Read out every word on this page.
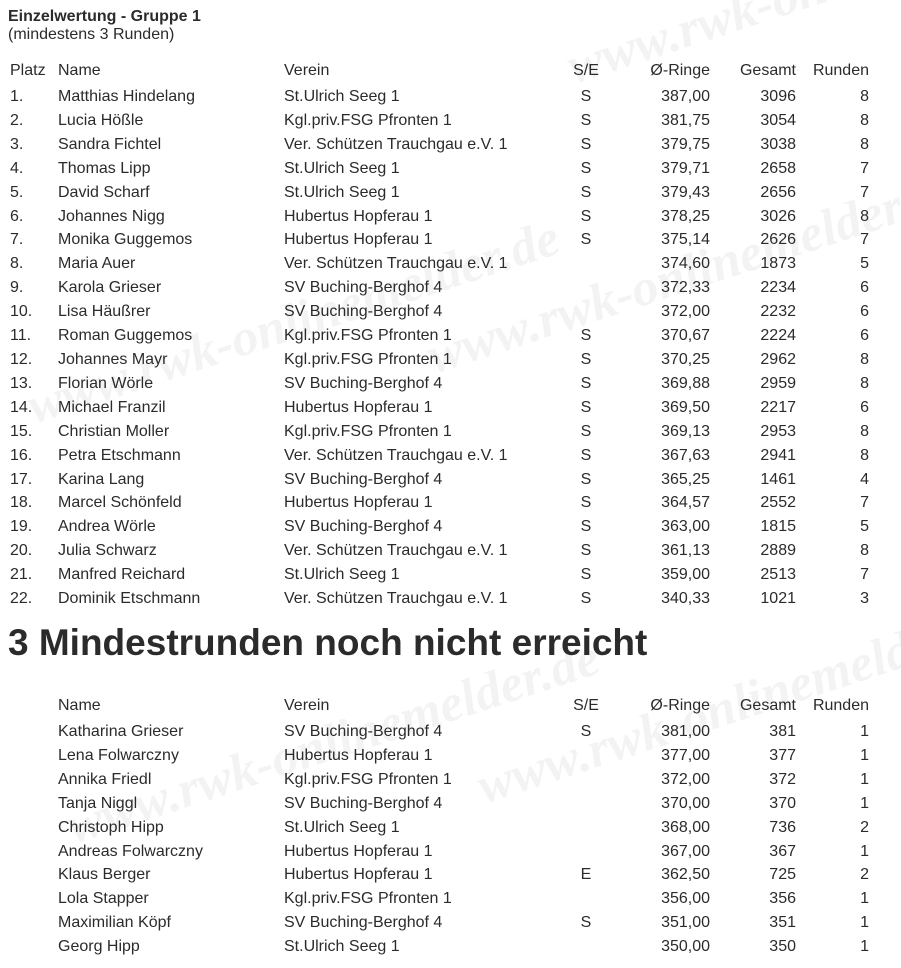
Einzelwertung - Gruppe 1
(mindestens 3 Runden)
Platz	Name	Verein	S/E	Ø-Ringe	Gesamt	Runden
1.	Matthias Hindelang	St.Ulrich Seeg 1	S	387,00	3096	8
2.	Lucia Hößle	Kgl.priv.FSG Pfronten 1	S	381,75	3054	8
3.	Sandra Fichtel	Ver. Schützen Trauchgau e.V. 1	S	379,75	3038	8
4.	Thomas Lipp	St.Ulrich Seeg 1	S	379,71	2658	7
5.	David Scharf	St.Ulrich Seeg 1	S	379,43	2656	7
6.	Johannes Nigg	Hubertus Hopferau 1	S	378,25	3026	8
7.	Monika Guggemos	Hubertus Hopferau 1	S	375,14	2626	7
8.	Maria Auer	Ver. Schützen Trauchgau e.V. 1		374,60	1873	5
9.	Karola Grieser	SV Buching-Berghof 4		372,33	2234	6
10.	Lisa Häußrer	SV Buching-Berghof 4		372,00	2232	6
11.	Roman Guggemos	Kgl.priv.FSG Pfronten 1	S	370,67	2224	6
12.	Johannes Mayr	Kgl.priv.FSG Pfronten 1	S	370,25	2962	8
13.	Florian Wörle	SV Buching-Berghof 4	S	369,88	2959	8
14.	Michael Franzil	Hubertus Hopferau 1	S	369,50	2217	6
15.	Christian Moller	Kgl.priv.FSG Pfronten 1	S	369,13	2953	8
16.	Petra Etschmann	Ver. Schützen Trauchgau e.V. 1	S	367,63	2941	8
17.	Karina Lang	SV Buching-Berghof 4	S	365,25	1461	4
18.	Marcel Schönfeld	Hubertus Hopferau 1	S	364,57	2552	7
19.	Andrea Wörle	SV Buching-Berghof 4	S	363,00	1815	5
20.	Julia Schwarz	Ver. Schützen Trauchgau e.V. 1	S	361,13	2889	8
21.	Manfred Reichard	St.Ulrich Seeg 1	S	359,00	2513	7
22.	Dominik Etschmann	Ver. Schützen Trauchgau e.V. 1	S	340,33	1021	3
3 Mindestrunden noch nicht erreicht
	Name	Verein	S/E	Ø-Ringe	Gesamt	Runden
	Katharina Grieser	SV Buching-Berghof 4	S	381,00	381	1
	Lena Folwarczny	Hubertus Hopferau 1		377,00	377	1
	Annika Friedl	Kgl.priv.FSG Pfronten 1		372,00	372	1
	Tanja Niggl	SV Buching-Berghof 4		370,00	370	1
	Christoph Hipp	St.Ulrich Seeg 1		368,00	736	2
	Andreas Folwarczny	Hubertus Hopferau 1		367,00	367	1
	Klaus Berger	Hubertus Hopferau 1	E	362,50	725	2
	Lola Stapper	Kgl.priv.FSG Pfronten 1		356,00	356	1
	Maximilian Köpf	SV Buching-Berghof 4	S	351,00	351	1
	Georg Hipp	St.Ulrich Seeg 1		350,00	350	1
